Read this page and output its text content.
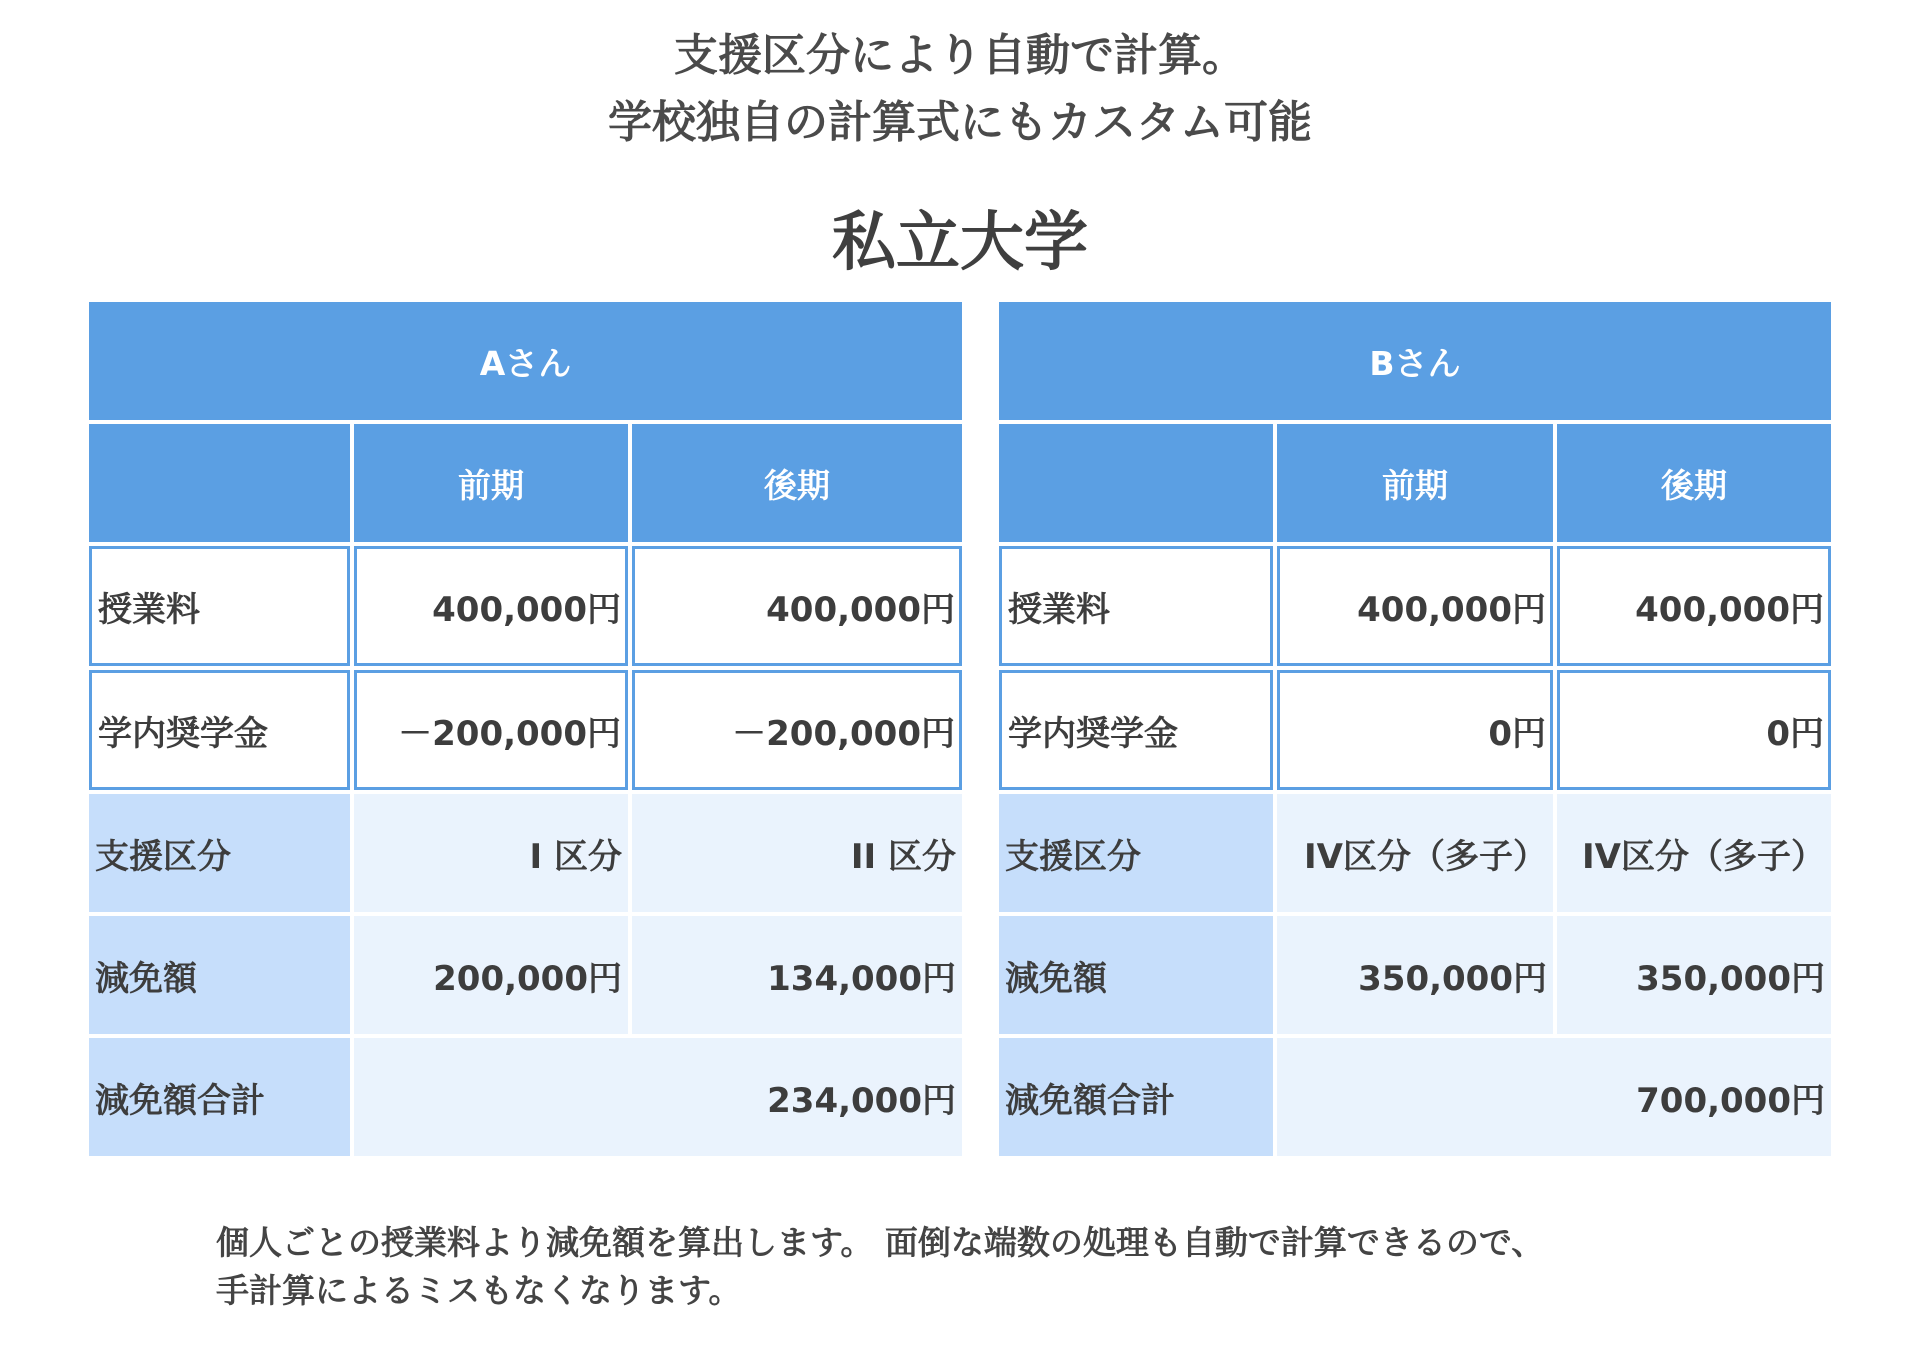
支援区分により自動で計算。
学校独自の計算式にもカスタム可能
私立大学
Aさん
前期	後期
授業料	400,000円	400,000円
学内奨学金	－200,000円	－200,000円
支援区分	I 区分	II 区分
減免額	200,000円	134,000円
減免額合計	234,000円
Bさん
前期	後期
授業料	400,000円	400,000円
学内奨学金	0円	0円
支援区分	IV区分（多子）	IV区分（多子）
減免額	350,000円	350,000円
減免額合計	700,000円
個人ごとの授業料より減免額を算出します。 面倒な端数の処理も自動で計算できるので、
手計算によるミスもなくなります。
